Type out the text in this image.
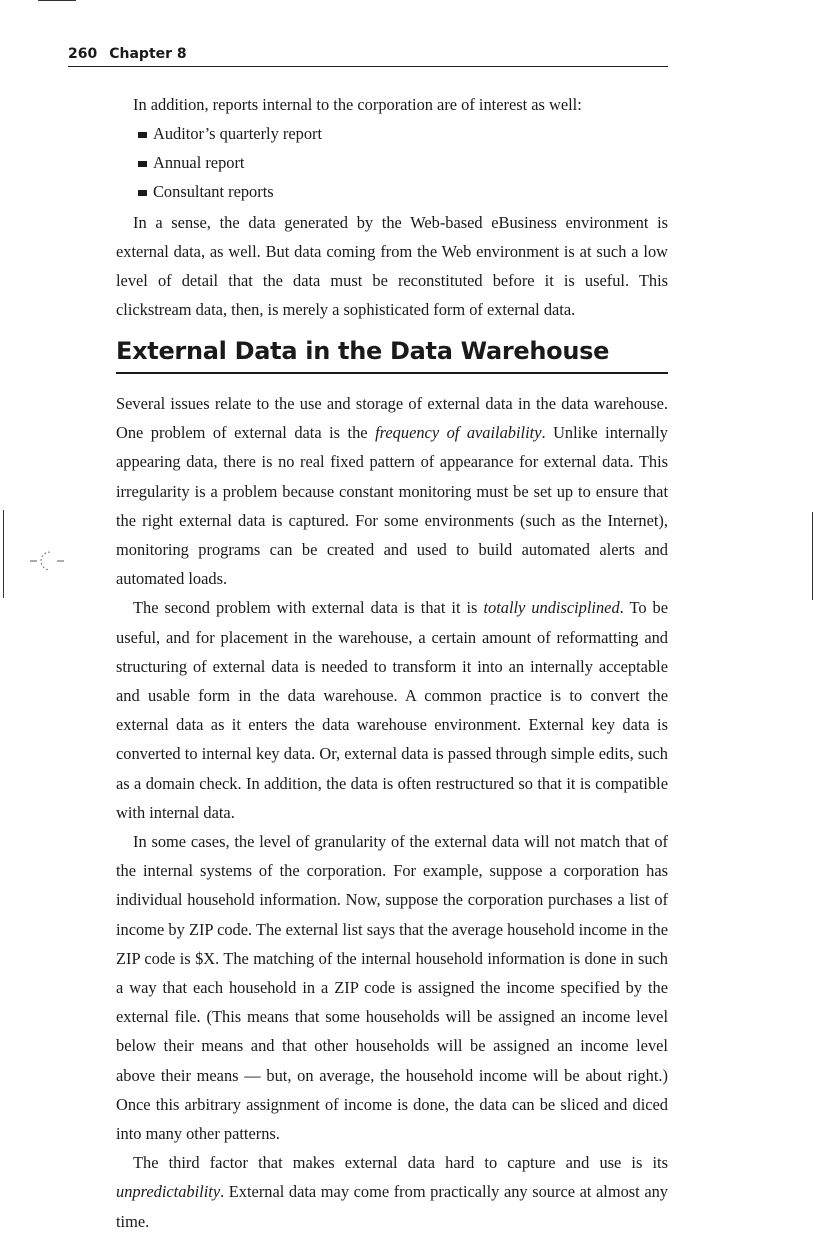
260 Chapter 8

In addition, reports internal to the corporation are of interest as well:

Auditor’s quarterly report
Annual report
Consultant reports

In a sense, the data generated by the Web-based eBusiness environment is external data, as well. But data coming from the Web environment is at such a low level of detail that the data must be reconstituted before it is useful. This clickstream data, then, is merely a sophisticated form of external data.

External Data in the Data Warehouse

Several issues relate to the use and storage of external data in the data warehouse. One problem of external data is the frequency of availability. Unlike internally appearing data, there is no real fixed pattern of appearance for external data. This irregularity is a problem because constant monitoring must be set up to ensure that the right external data is captured. For some environments (such as the Internet), monitoring programs can be created and used to build automated alerts and automated loads.

The second problem with external data is that it is totally undisciplined. To be useful, and for placement in the warehouse, a certain amount of reformatting and structuring of external data is needed to transform it into an internally acceptable and usable form in the data warehouse. A common practice is to convert the external data as it enters the data warehouse environment. External key data is converted to internal key data. Or, external data is passed through simple edits, such as a domain check. In addition, the data is often restructured so that it is compatible with internal data.

In some cases, the level of granularity of the external data will not match that of the internal systems of the corporation. For example, suppose a corporation has individual household information. Now, suppose the corporation purchases a list of income by ZIP code. The external list says that the average household income in the ZIP code is $X. The matching of the internal household information is done in such a way that each household in a ZIP code is assigned the income specified by the external file. (This means that some households will be assigned an income level below their means and that other households will be assigned an income level above their means — but, on average, the household income will be about right.) Once this arbitrary assignment of income is done, the data can be sliced and diced into many other patterns.

The third factor that makes external data hard to capture and use is its unpredictability. External data may come from practically any source at almost any time.
